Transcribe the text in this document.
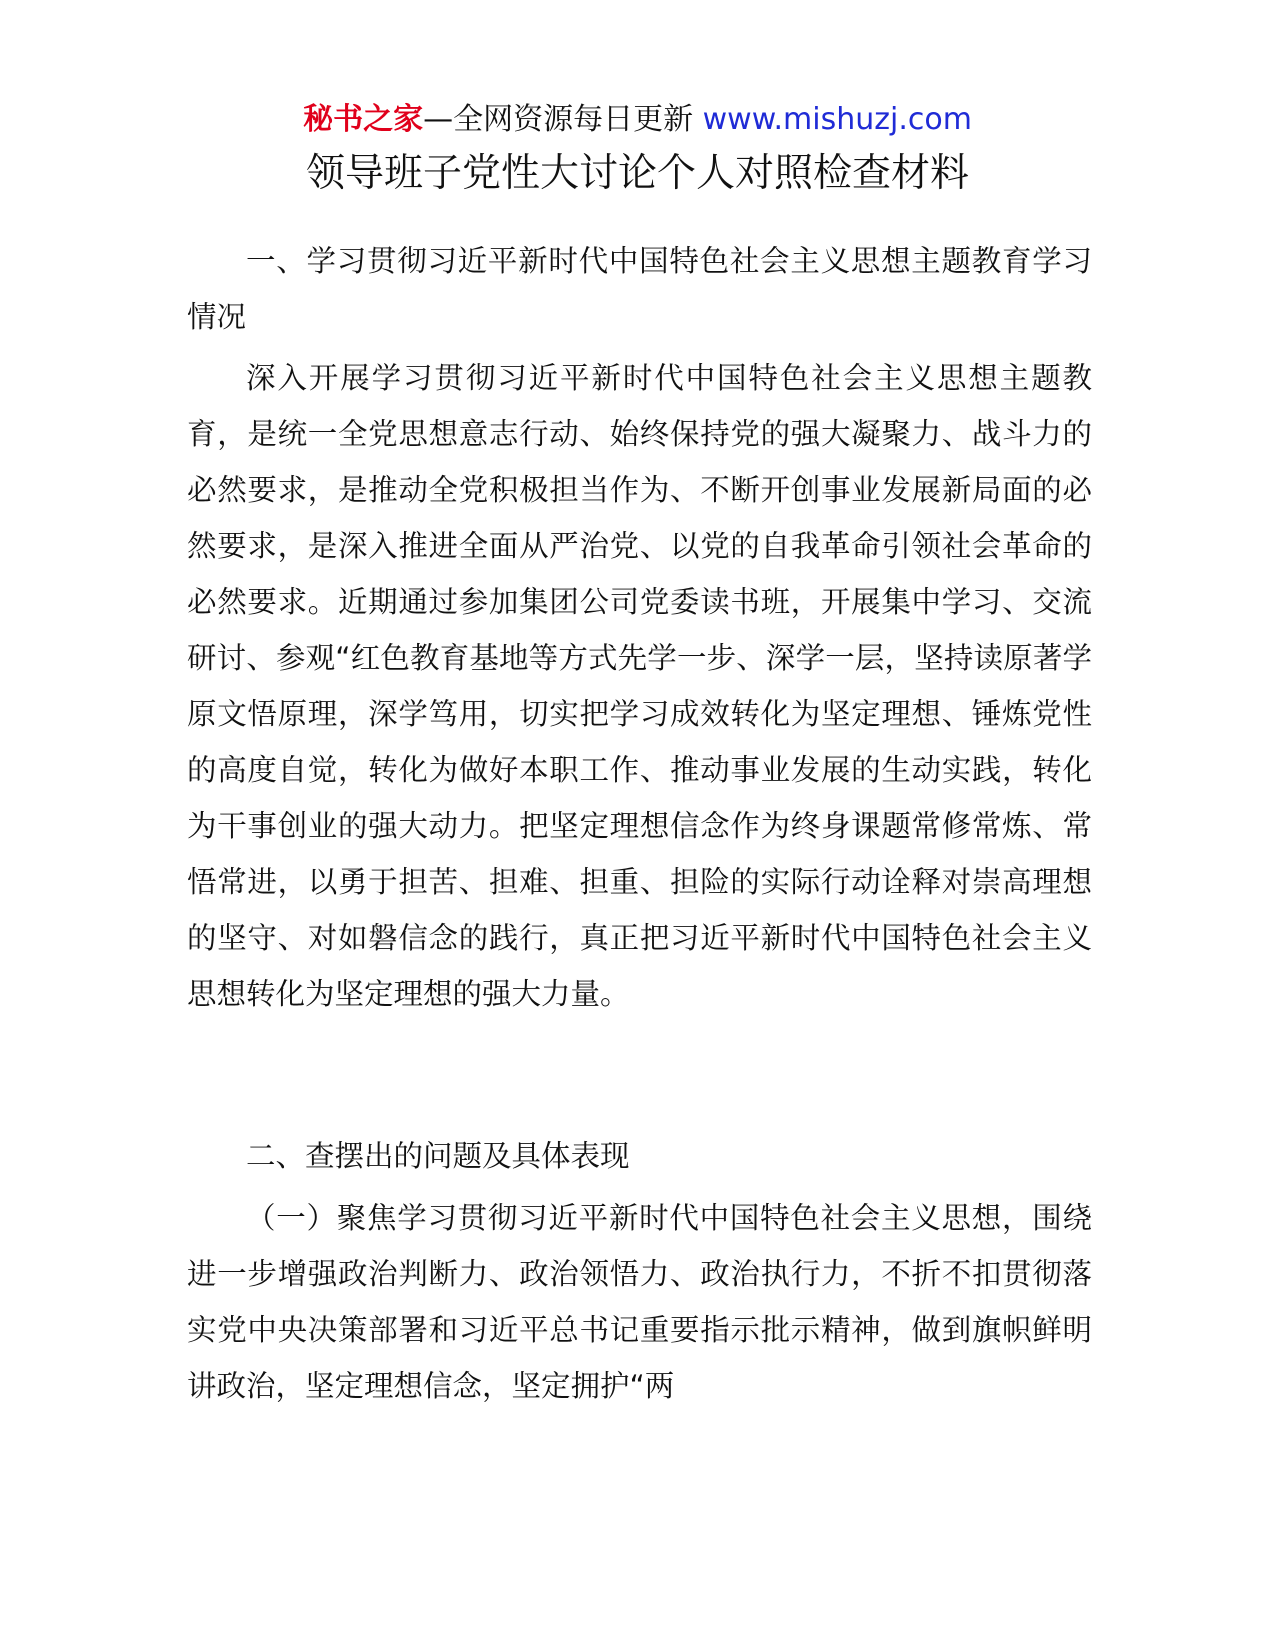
秘书之家—全网资源每日更新 www.mishuzj.com
领导班子党性大讨论个人对照检查材料

一、学习贯彻习近平新时代中国特色社会主义思想主题教育学习情况

深入开展学习贯彻习近平新时代中国特色社会主义思想主题教育，是统一全党思想意志行动、始终保持党的强大凝聚力、战斗力的必然要求，是推动全党积极担当作为、不断开创事业发展新局面的必然要求，是深入推进全面从严治党、以党的自我革命引领社会革命的必然要求。近期通过参加集团公司党委读书班，开展集中学习、交流研讨、参观“红色教育基地等方式先学一步、深学一层，坚持读原著学原文悟原理，深学笃用，切实把学习成效转化为坚定理想、锤炼党性的高度自觉，转化为做好本职工作、推动事业发展的生动实践，转化为干事创业的强大动力。把坚定理想信念作为终身课题常修常炼、常悟常进，以勇于担苦、担难、担重、担险的实际行动诠释对崇高理想的坚守、对如磐信念的践行，真正把习近平新时代中国特色社会主义思想转化为坚定理想的强大力量。

二、查摆出的问题及具体表现

（一）聚焦学习贯彻习近平新时代中国特色社会主义思想，围绕进一步增强政治判断力、政治领悟力、政治执行力，不折不扣贯彻落实党中央决策部署和习近平总书记重要指示批示精神，做到旗帜鲜明讲政治，坚定理想信念，坚定拥护“两
